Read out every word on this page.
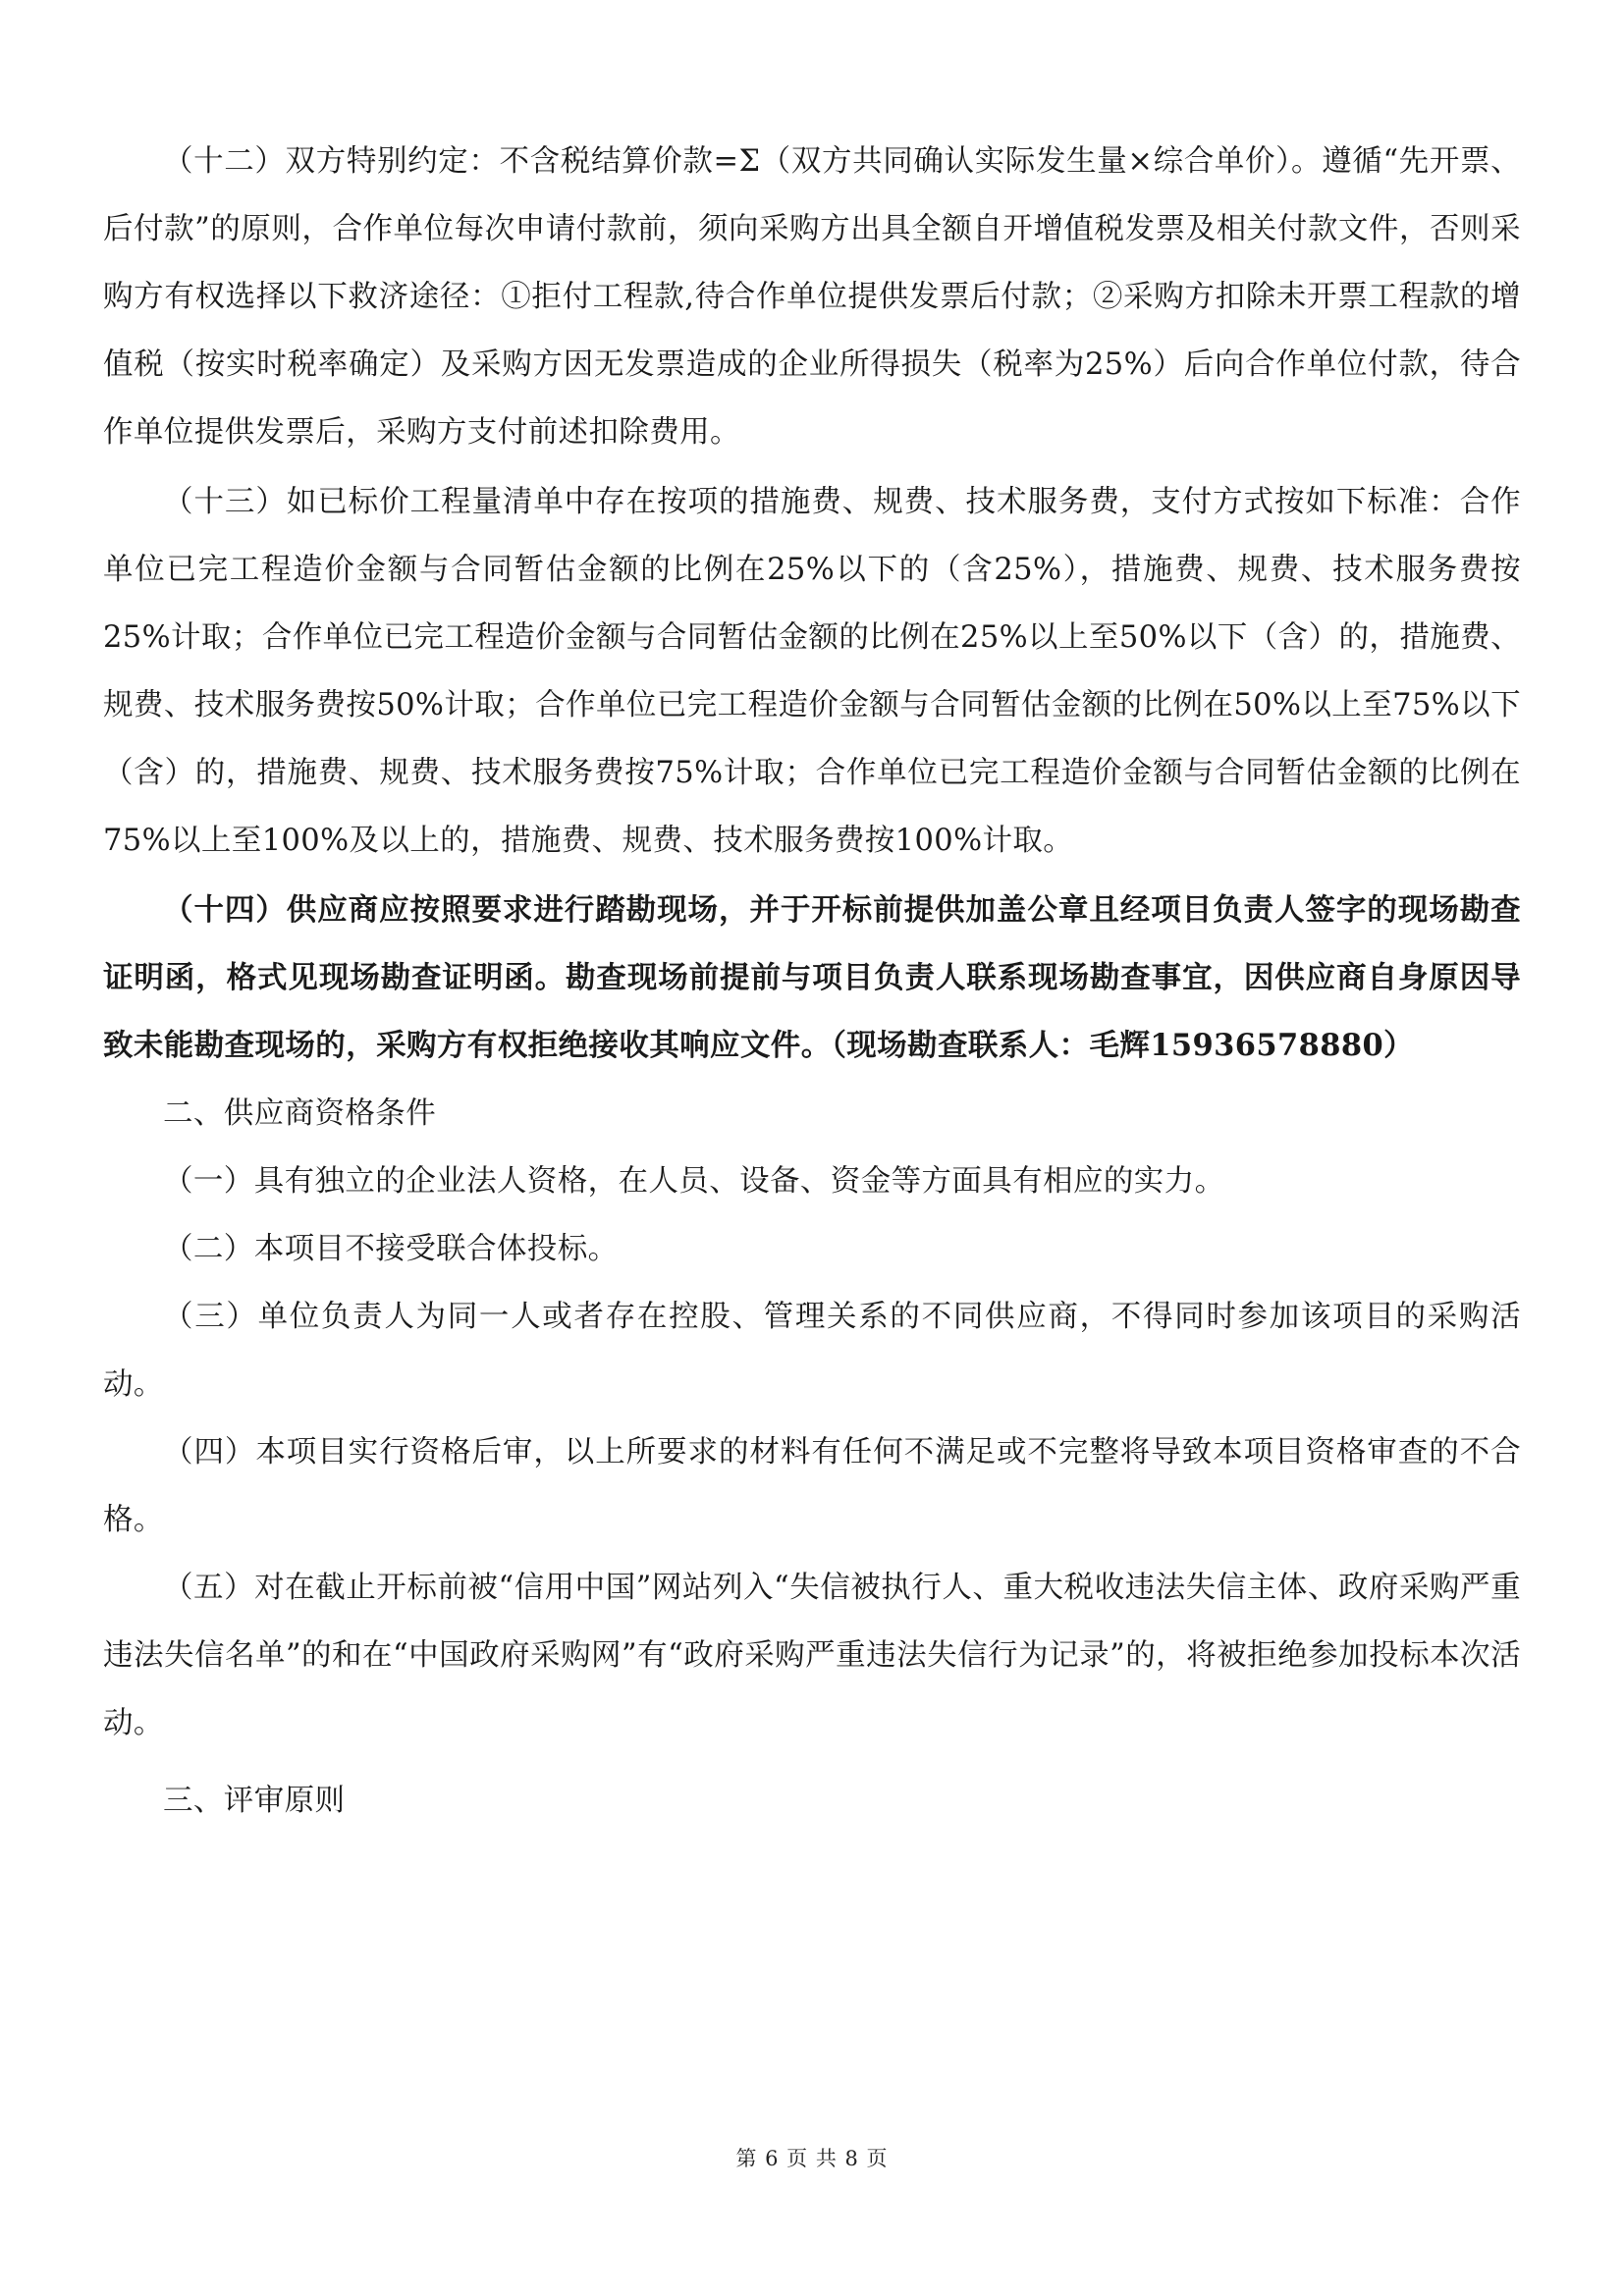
（十二）双方特别约定：不含税结算价款=Σ（双方共同确认实际发生量×综合单价）。遵循“先开票、后付款”的原则，合作单位每次申请付款前，须向采购方出具全额自开增值税发票及相关付款文件，否则采购方有权选择以下救济途径：①拒付工程款,待合作单位提供发票后付款；②采购方扣除未开票工程款的增值税（按实时税率确定）及采购方因无发票造成的企业所得损失（税率为25%）后向合作单位付款，待合作单位提供发票后，采购方支付前述扣除费用。

（十三）如已标价工程量清单中存在按项的措施费、规费、技术服务费，支付方式按如下标准：合作单位已完工程造价金额与合同暂估金额的比例在25%以下的（含25%），措施费、规费、技术服务费按25%计取；合作单位已完工程造价金额与合同暂估金额的比例在25%以上至50%以下（含）的，措施费、规费、技术服务费按50%计取；合作单位已完工程造价金额与合同暂估金额的比例在50%以上至75%以下（含）的，措施费、规费、技术服务费按75%计取；合作单位已完工程造价金额与合同暂估金额的比例在75%以上至100%及以上的，措施费、规费、技术服务费按100%计取。

（十四）供应商应按照要求进行踏勘现场，并于开标前提供加盖公章且经项目负责人签字的现场勘查证明函，格式见现场勘查证明函。勘查现场前提前与项目负责人联系现场勘查事宜，因供应商自身原因导致未能勘查现场的，采购方有权拒绝接收其响应文件。（现场勘查联系人：毛辉15936578880）

二、供应商资格条件

（一）具有独立的企业法人资格，在人员、设备、资金等方面具有相应的实力。

（二）本项目不接受联合体投标。

（三）单位负责人为同一人或者存在控股、管理关系的不同供应商，不得同时参加该项目的采购活动。

（四）本项目实行资格后审，以上所要求的材料有任何不满足或不完整将导致本项目资格审查的不合格。

（五）对在截止开标前被“信用中国”网站列入“失信被执行人、重大税收违法失信主体、政府采购严重违法失信名单”的和在“中国政府采购网”有“政府采购严重违法失信行为记录”的，将被拒绝参加投标本次活动。

三、评审原则

第 6 页 共 8 页
